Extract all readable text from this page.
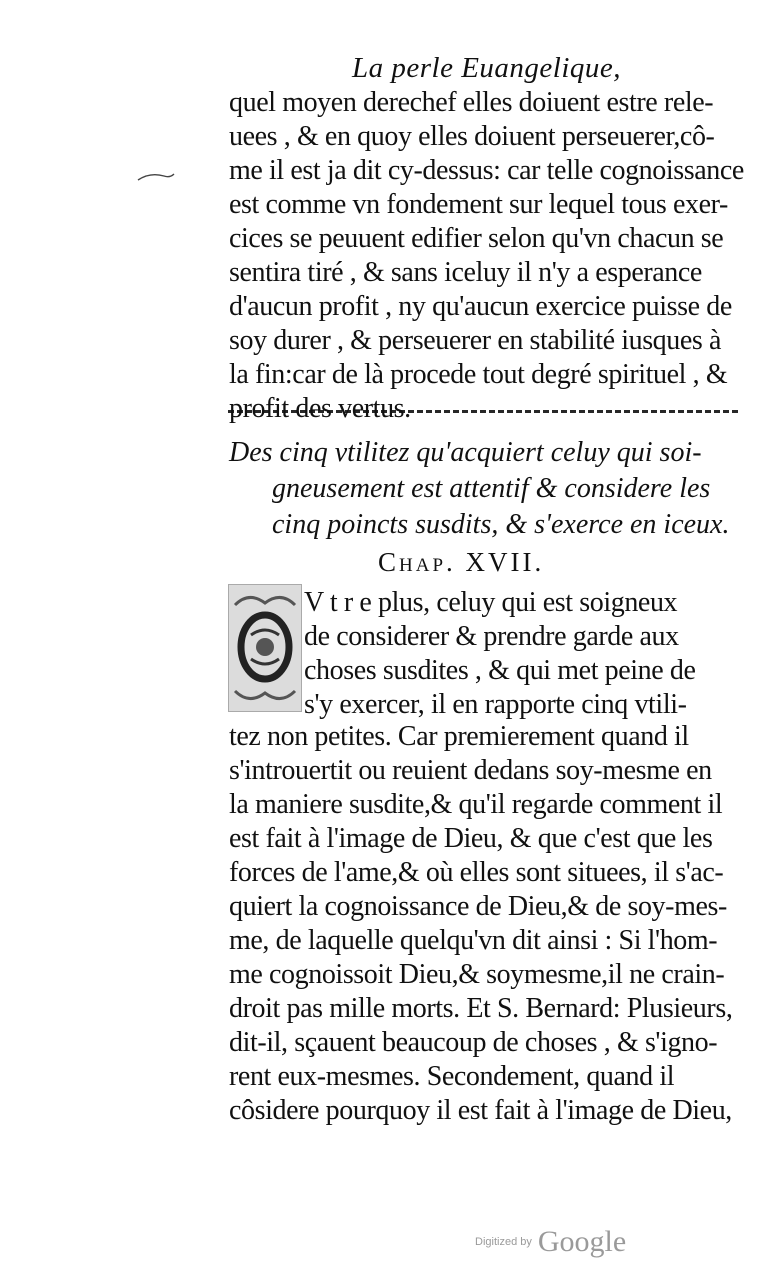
La perle Euangelique,
quel moyen derechef elles doiuent estre rele-
uees , & en quoy elles doiuent perseuerer,cô-
me il est ja dit cy-dessus: car telle cognoissance
est comme vn fondement sur lequel tous exer-
cices se peuuent edifier selon qu'vn chacun se
sentira tiré , & sans iceluy il n'y a esperance
d'aucun profit , ny qu'aucun exercice puisse de
soy durer , & perseuerer en stabilité iusques à
la fin:car de là procede tout degré spirituel , &
profit des vertus.
Des cinq vtilitez qu'acquiert celuy qui soi-
gneusement est attentif & considere les
cinq poincts susdits, & s'exerce en iceux.
Chap. XVII.
V t r e plus, celuy qui est soigneux
de considerer & prendre garde aux
choses susdites , & qui met peine de
s'y exercer, il en rapporte cinq vtili-
tez non petites. Car premierement quand il
s'introuertit ou reuient dedans soy-mesme en
la maniere susdite,& qu'il regarde comment il
est fait à l'image de Dieu, & que c'est que les
forces de l'ame,& où elles sont situees, il s'ac-
quiert la cognoissance de Dieu,& de soy-mes-
me, de laquelle quelqu'vn dit ainsi : Si l'hom-
me cognoissoit Dieu,& soymesme,il ne crain-
droit pas mille morts. Et S. Bernard: Plusieurs,
dit-il, sçauent beaucoup de choses , & s'igno-
rent eux-mesmes. Secondement, quand il
côsidere pourquoy il est fait à l'image de Dieu,
Digitized by Google
